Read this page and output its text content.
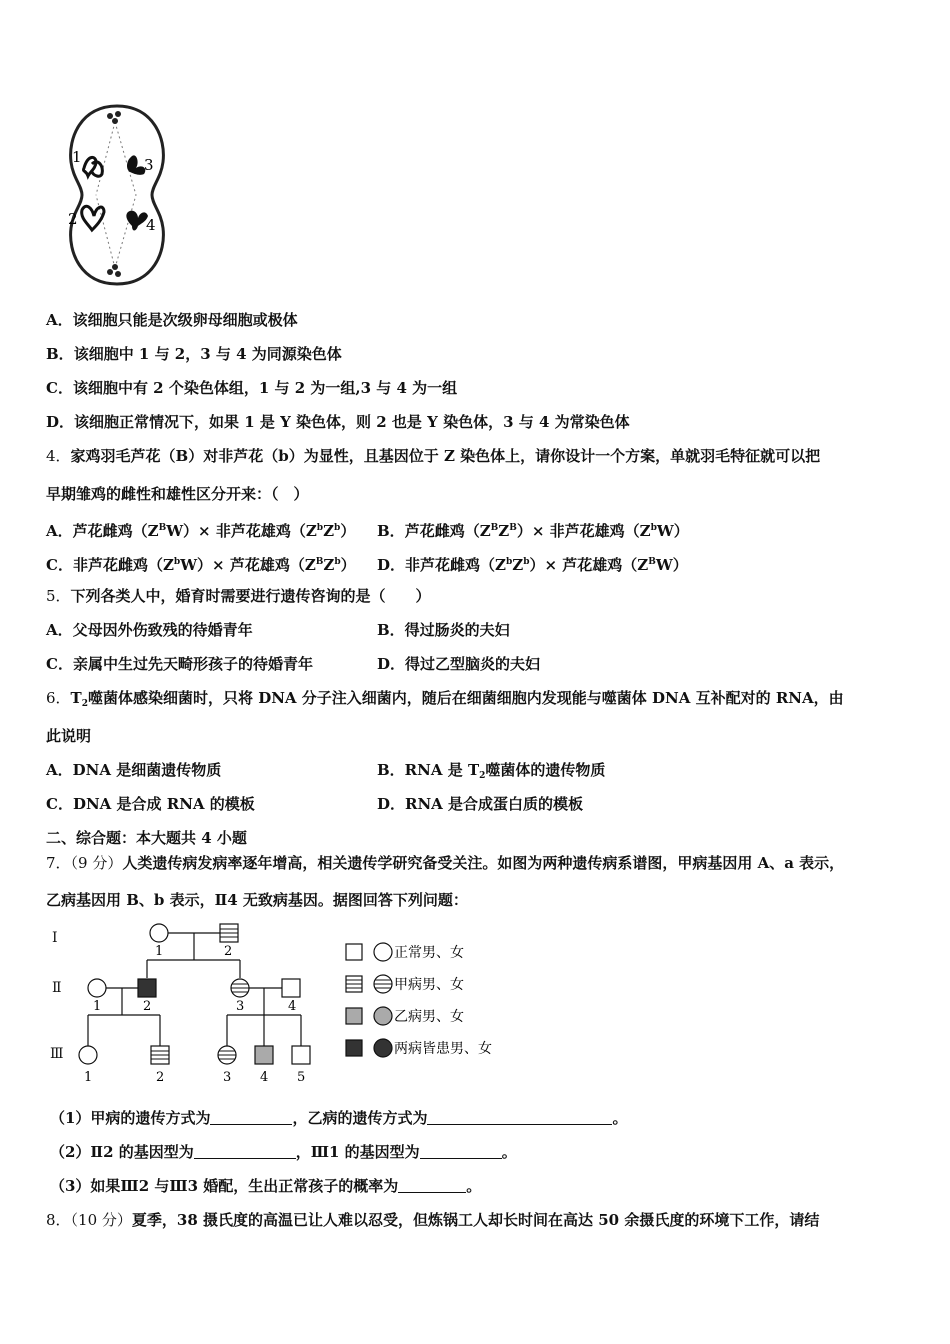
1	3
2	4
A．该细胞只能是次级卵母细胞或极体
B．该细胞中 1 与 2，3 与 4 为同源染色体
C．该细胞中有 2 个染色体组，1 与 2 为一组,3 与 4 为一组
D．该细胞正常情况下，如果 1 是 Y 染色体，则 2 也是 Y 染色体，3 与 4 为常染色体
4．家鸡羽毛芦花（B）对非芦花（b）为显性，且基因位于 Z 染色体上，请你设计一个方案，单就羽毛特征就可以把
早期雏鸡的雌性和雄性区分开来：（　）
A．芦花雌鸡$(Z^BW)\times$ 非芦花雄鸡$(Z^bZ^b)$ B．芦花雌鸡$(Z^BZ^B)\times$ 非芦花雄鸡$(Z^bW)$
C．非芦花雌鸡$(Z^bW)\times$ 芦花雄鸡$(Z^BZ^b)$ D．非芦花雌鸡$(Z^bZ^b)\times$ 芦花雄鸡$(Z^BW)$
5．下列各类人中，婚育时需要进行遗传咨询的是（　　）
A．父母因外伤致残的待婚青年	B．得过肠炎的夫妇
C．亲属中生过先天畸形孩子的待婚青年	D．得过乙型脑炎的夫妇
6．$T_2$噬菌体感染细菌时，只将 DNA 分子注入细菌内，随后在细菌细胞内发现能与噬菌体 DNA 互补配对的 RNA，由
此说明
A．DNA 是细菌遗传物质	B．RNA 是 $T_2$噬菌体的遗传物质
C．DNA 是合成 RNA 的模板	D．RNA 是合成蛋白质的模板
二、综合题：本大题共 4 小题
7．（9 分）人类遗传病发病率逐年增高，相关遗传学研究备受关注。如图为两种遗传病系谱图，甲病基因用 A、a 表示，
乙病基因用 B、b 表示，Ⅱ4 无致病基因。据图回答下列问题：
Ⅰ
Ⅱ
Ⅲ
1	2
1	2	3	4
1	2	3 4 5
正常男、女
甲病男、女
乙病男、女
两病皆患男、女
（1）甲病的遗传方式为	，乙病的遗传方式为	。
（2）Ⅱ2 的基因型为	，Ⅲ1 的基因型为	。
（3）如果Ⅲ2 与Ⅲ3 婚配，生出正常孩子的概率为	。
8．（10 分）夏季，38 摄氏度的高温已让人难以忍受，但炼锅工人却长时间在高达 50 余摄氏度的环境下工作，请结
